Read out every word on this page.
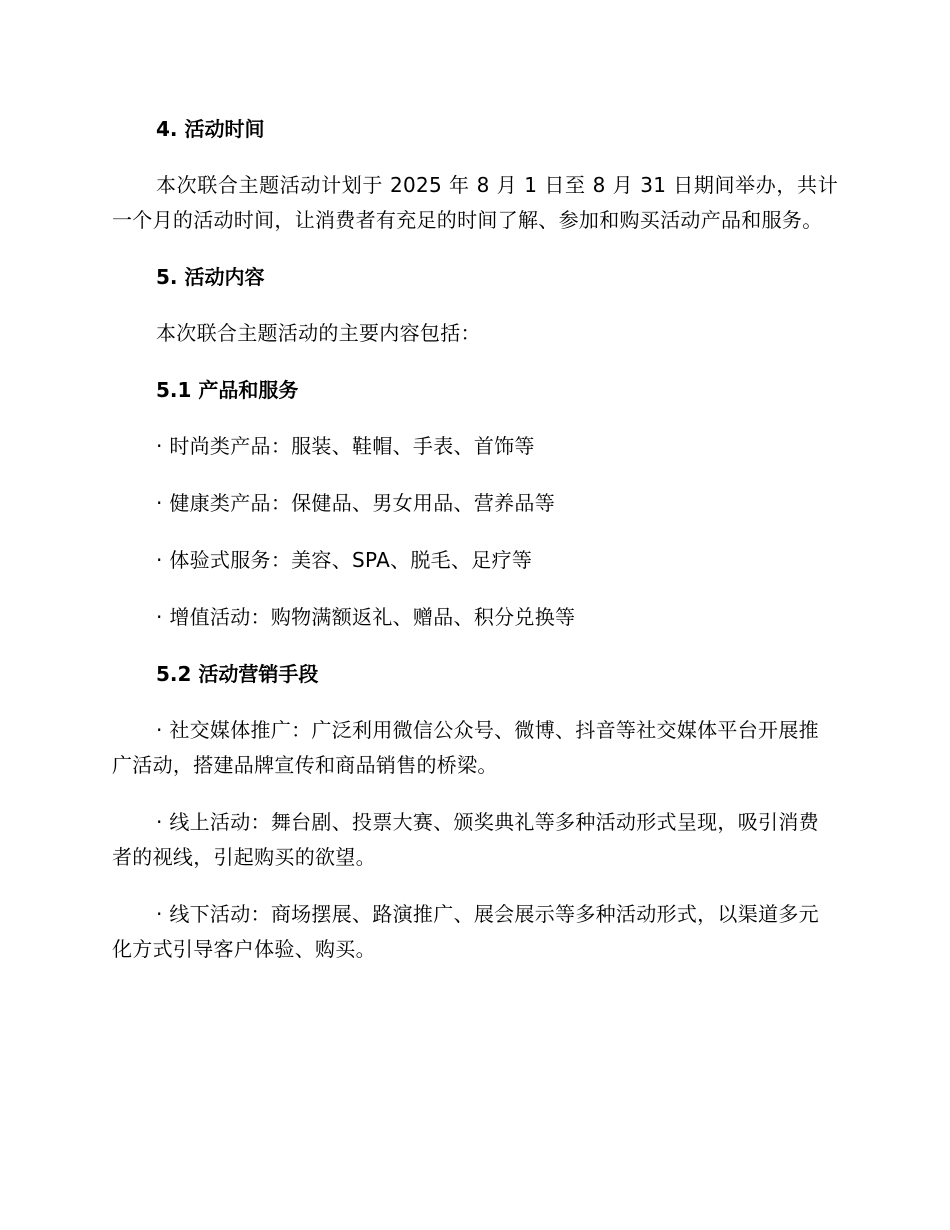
4. 活动时间
本次联合主题活动计划于 2025 年 8 月 1 日至 8 月 31 日期间举办，共计一个月的活动时间，让消费者有充足的时间了解、参加和购买活动产品和服务。
5. 活动内容
本次联合主题活动的主要内容包括：
5.1 产品和服务
· 时尚类产品：服装、鞋帽、手表、首饰等
· 健康类产品：保健品、男女用品、营养品等
· 体验式服务：美容、SPA、脱毛、足疗等
· 增值活动：购物满额返礼、赠品、积分兑换等
5.2 活动营销手段
· 社交媒体推广：广泛利用微信公众号、微博、抖音等社交媒体平台开展推广活动，搭建品牌宣传和商品销售的桥梁。
· 线上活动：舞台剧、投票大赛、颁奖典礼等多种活动形式呈现，吸引消费者的视线，引起购买的欲望。
· 线下活动：商场摆展、路演推广、展会展示等多种活动形式，以渠道多元化方式引导客户体验、购买。
